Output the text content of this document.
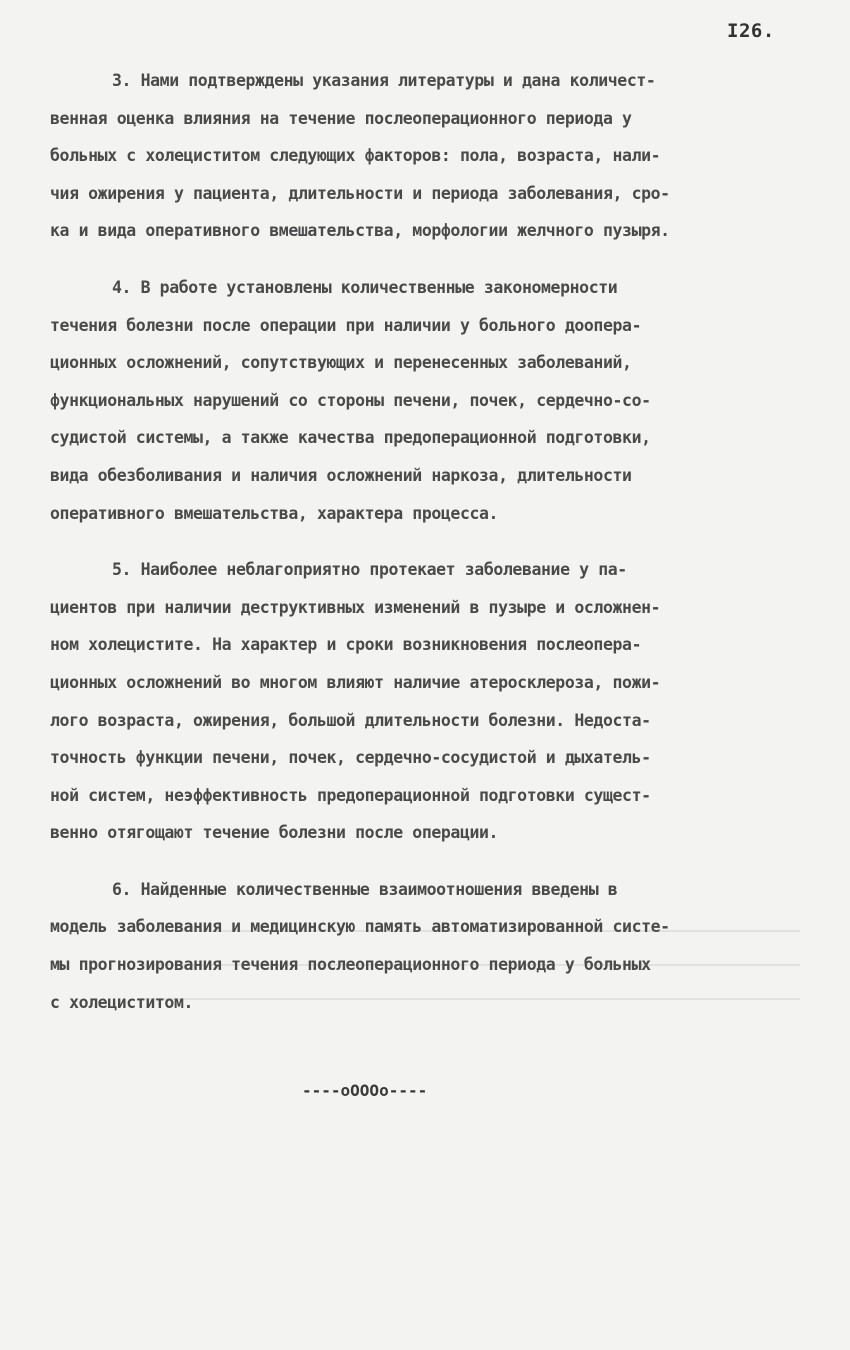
I26.
3. Нами подтверждены указания литературы и дана количест-
венная оценка влияния на течение послеоперационного периода у
больных с холециститом следующих факторов: пола, возраста, нали-
чия ожирения у пациента, длительности и периода заболевания, сро-
ка и вида оперативного вмешательства, морфологии желчного пузыря.
4. В работе установлены количественные закономерности
течения болезни после операции при наличии у больного доопера-
ционных осложнений, сопутствующих и перенесенных заболеваний,
функциональных нарушений со стороны печени, почек, сердечно-со-
судистой системы, а также качества предоперационной подготовки,
вида обезболивания и наличия осложнений наркоза, длительности
оперативного вмешательства, характера процесса.
5. Наиболее неблагоприятно протекает заболевание у па-
циентов при наличии деструктивных изменений в пузыре и осложнен-
ном холецистите. На характер и сроки возникновения послеопера-
ционных осложнений во многом влияют наличие атеросклероза, пожи-
лого возраста, ожирения, большой длительности болезни. Недоста-
точность функции печени, почек, сердечно-сосудистой и дыхатель-
ной систем, неэффективность предоперационной подготовки сущест-
венно отягощают течение болезни после операции.
6. Найденные количественные взаимоотношения введены в
модель заболевания и медицинскую память автоматизированной систе-
мы прогнозирования течения послеоперационного периода у больных
с холециститом.
----оОООо----
